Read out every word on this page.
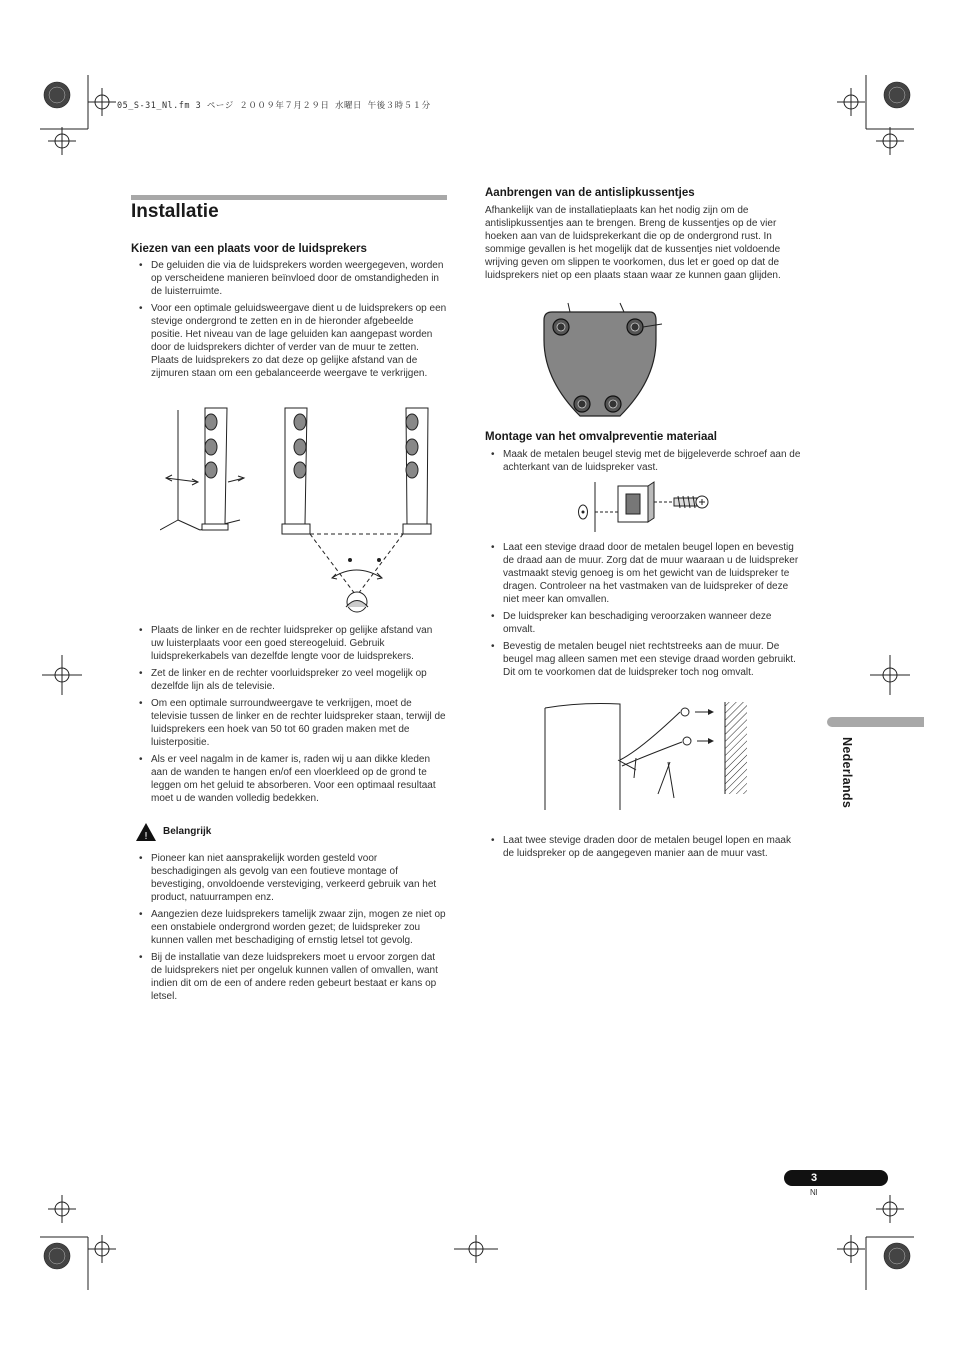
05_S-31_Nl.fm 3 ページ ２００９年７月２９日 水曜日 午後３時５１分
Installatie
Kiezen van een plaats voor de luidsprekers
• De geluiden die via de luidsprekers worden weergegeven, worden op verscheidene manieren beïnvloed door de omstandigheden in de luisterruimte.
• Voor een optimale geluidsweergave dient u de luidsprekers op een stevige ondergrond te zetten en in de hieronder afgebeelde positie. Het niveau van de lage geluiden kan aangepast worden door de luidsprekers dichter of verder van de muur te zetten. Plaats de luidsprekers zo dat deze op gelijke afstand van de zijmuren staan om een gebalanceerde weergave te verkrijgen.
• Plaats de linker en de rechter luidspreker op gelijke afstand van uw luisterplaats voor een goed stereogeluid. Gebruik luidsprekerkabels van dezelfde lengte voor de luidsprekers.
• Zet de linker en de rechter voorluidspreker zo veel mogelijk op dezelfde lijn als de televisie.
• Om een optimale surroundweergave te verkrijgen, moet de televisie tussen de linker en de rechter luidspreker staan, terwijl de luidsprekers een hoek van 50 tot 60 graden maken met de luisterpositie.
• Als er veel nagalm in de kamer is, raden wij u aan dikke kleden aan de wanden te hangen en/of een vloerkleed op de grond te leggen om het geluid te absorberen. Voor een optimaal resultaat moet u de wanden volledig bedekken.
! Belangrijk
• Pioneer kan niet aansprakelijk worden gesteld voor beschadigingen als gevolg van een foutieve montage of bevestiging, onvoldoende versteviging, verkeerd gebruik van het product, natuurrampen enz.
• Aangezien deze luidsprekers tamelijk zwaar zijn, mogen ze niet op een onstabiele ondergrond worden gezet; de luidspreker zou kunnen vallen met beschadiging of ernstig letsel tot gevolg.
• Bij de installatie van deze luidsprekers moet u ervoor zorgen dat de luidsprekers niet per ongeluk kunnen vallen of omvallen, want indien dit om de een of andere reden gebeurt bestaat er kans op letsel.
Aanbrengen van de antislipkussentjes

Afhankelijk van de installatieplaats kan het nodig zijn om de antislipkussentjes aan te brengen. Breng de kussentjes op de vier hoeken aan van de luidsprekerkant die op de ondergrond rust. In sommige gevallen is het mogelijk dat de kussentjes niet voldoende wrijving geven om slippen te voorkomen, dus let er goed op dat de luidsprekers niet op een plaats staan waar ze kunnen gaan glijden.

Montage van het omvalpreventie materiaal
• Maak de metalen beugel stevig met de bijgeleverde schroef aan de achterkant van de luidspreker vast.
• Laat een stevige draad door de metalen beugel lopen en bevestig de draad aan de muur. Zorg dat de muur waaraan u de luidspreker vastmaakt stevig genoeg is om het gewicht van de luidspreker te dragen. Controleer na het vastmaken van de luidspreker of deze niet meer kan omvallen.
• De luidspreker kan beschadiging veroorzaken wanneer deze omvalt.
• Bevestig de metalen beugel niet rechtstreeks aan de muur. De beugel mag alleen samen met een stevige draad worden gebruikt. Dit om te voorkomen dat de luidspreker toch nog omvalt.
• Laat twee stevige draden door de metalen beugel lopen en maak de luidspreker op de aangegeven manier aan de muur vast.
Nederlands
3
Nl
